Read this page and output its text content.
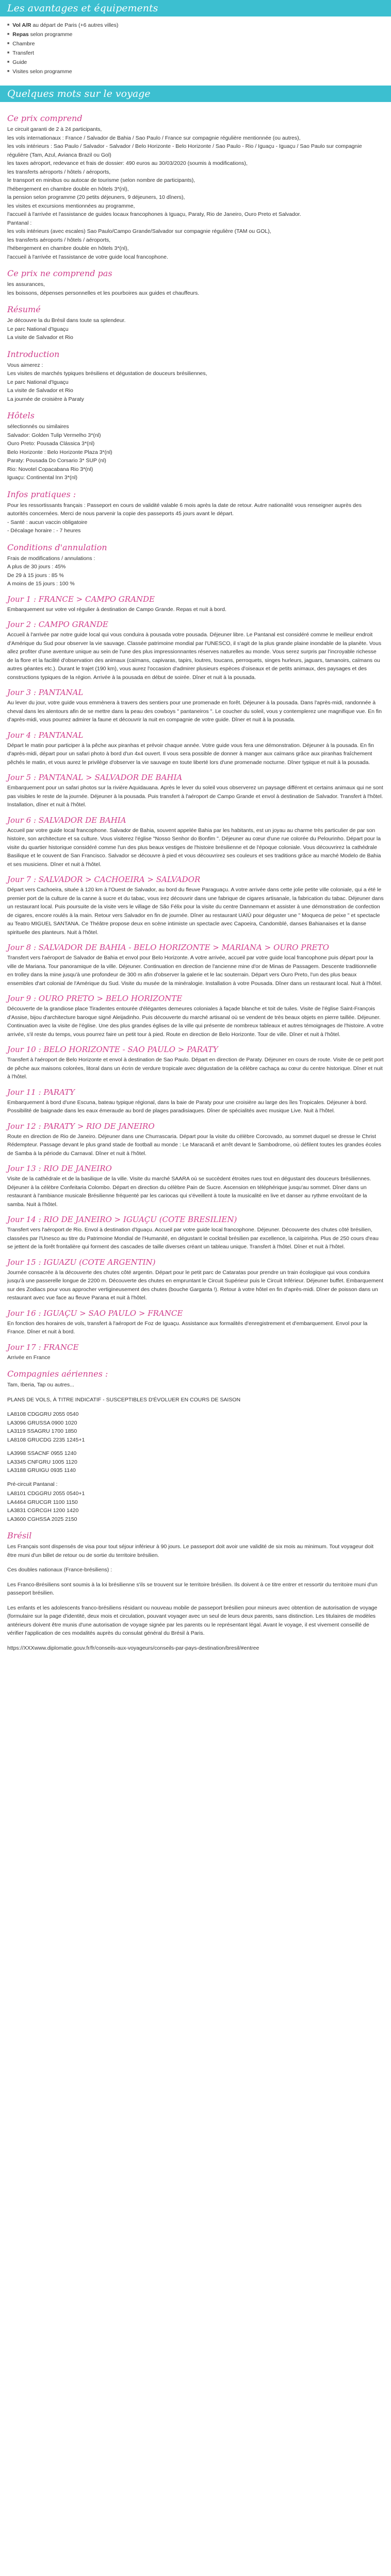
Les avantages et équipements
■ Vol A/R au départ de Paris (+6 autres villes)
■ Repas selon programme
■ Chambre
■ Transfert
■ Guide
■ Visites selon programme
Quelques mots sur le voyage
Ce prix comprend

Le circuit garanti de 2 à 24 participants,

les vols internationaux : France / Salvador de Bahia / Sao Paulo / France sur compagnie régulière mentionnée (ou autres),

les vols intérieurs : Sao Paulo / Salvador - Salvador / Belo Horizonte - Belo Horizonte / Sao Paulo - Rio / Iguaçu - Iguaçu / Sao Paulo sur compagnie régulière (Tam, Azul, Avianca Brazil ou Gol)

les taxes aéroport, redevance et frais de dossier: 490 euros au 30/03/2020 (soumis à modifications),

les transferts aéroports / hôtels / aéroports,

le transport en minibus ou autocar de tourisme (selon nombre de participants),

l'hébergement en chambre double en hôtels 3*(nl),

la pension selon programme (20 petits déjeuners, 9 déjeuners, 10 dîners),

les visites et excursions mentionnées au programme,

l'accueil à l'arrivée et l'assistance de guides locaux francophones à Iguaçu, Paraty, Rio de Janeiro, Ouro Preto et Salvador.

Pantanal :

les vols intérieurs (avec escales) Sao Paulo/Campo Grande/Salvador sur compagnie régulière (TAM ou GOL),

les transferts aéroports / hôtels / aéroports,

l'hébergement en chambre double en hôtels 3*(nl),

l'accueil à l'arrivée et l'assistance de votre guide local francophone.

Ce prix ne comprend pas

les assurances,

les boissons, dépenses personnelles et les pourboires aux guides et chauffeurs.

Résumé

Je découvre la du Brésil dans toute sa splendeur.

Le parc National d'Iguaçu

La visite de Salvador et Rio

Introduction

Vous aimerez :

Les visites de marchés typiques brésiliens et dégustation de douceurs brésiliennes,

Le parc National d'Iguaçu

La visite de Salvador et Rio

La journée de croisière à Paraty

Hôtels

sélectionnés ou similaires

Salvador: Golden Tulip Vermelho 3*(nl)

Ouro Preto: Pousada Clássica 3*(nl)

Belo Horizonte : Belo Horizonte Plaza 3*(nl)

Paraty: Pousada Do Corsario 3* SUP (nl)

Rio: Novotel Copacabana Rio 3*(nl)

Iguaçu: Continental Inn 3*(nl)

Infos pratiques :

Pour les ressortissants français : Passeport en cours de validité valable 6 mois après la date de retour. Autre nationalité vous renseigner auprès des autorités concernées. Merci de nous parvenir la copie des passeports 45 jours avant le départ.

- Santé : aucun vaccin obligatoire

- Décalage horaire : - 7 heures

Conditions d'annulation

Frais de modifications / annulations :

A plus de 30 jours : 45%

De 29 à 15 jours : 85 %

A moins de 15 jours : 100 %

Jour 1 : FRANCE > CAMPO GRANDE

Embarquement sur votre vol régulier à destination de Campo Grande. Repas et nuit à bord.

Jour 2 : CAMPO GRANDE

Accueil à l'arrivée par notre guide local qui vous conduira à pousada votre pousada. Déjeuner libre. Le Pantanal est considéré comme le meilleur endroit d'Amérique du Sud pour observer la vie sauvage. Classée patrimoine mondial par l'UNESCO, il s'agit de la plus grande plaine inondable de la planète. Vous allez profiter d'une aventure unique au sein de l'une des plus impressionnantes réserves naturelles au monde. Vous serez surpris par l'incroyable richesse de la flore et la facilité d'observation des animaux (caïmans, capivaras, tapirs, loutres, toucans, perroquets, singes hurleurs, jaguars, tamanoirs, caïmans ou autres géantes etc.). Durant le trajet (190 km), vous aurez l'occasion d'admirer plusieurs espèces d'oiseaux et de petits animaux, des paysages et des constructions typiques de la région. Arrivée à la pousada en début de soirée. Dîner et nuit à la pousada.

Jour 3 : PANTANAL

Au lever du jour, votre guide vous emmènera à travers des sentiers pour une promenade en forêt. Déjeuner à la pousada. Dans l'après-midi, randonnée à cheval dans les alentours afin de se mettre dans la peau des cowboys " pantaneiros ". Le coucher du soleil, vous y contemplerez une magnifique vue. En fin d'après-midi, vous pourrez admirer la faune et découvrir la nuit en compagnie de votre guide. Dîner et nuit à la pousada.

Jour 4 : PANTANAL

Départ le matin pour participer à la pêche aux piranhas et prévoir chaque année. Votre guide vous fera une démonstration. Déjeuner à la pousada. En fin d'après-midi, départ pour un safari photo à bord d'un 4x4 ouvert. Il vous sera possible de donner à manger aux caïmans grâce aux piranhas fraîchement pêchés le matin, et vous aurez le privilège d'observer la vie sauvage en toute liberté lors d'une promenade nocturne. Dîner typique et nuit à la pousada.

Jour 5 : PANTANAL > SALVADOR DE BAHIA

Embarquement pour un safari photos sur la rivière Aquidauana. Après le lever du soleil vous observerez un paysage différent et certains animaux qui ne sont pas visibles le reste de la journée. Déjeuner à la pousada. Puis transfert à l'aéroport de Campo Grande et envol à destination de Salvador. Transfert à l'hôtel. Installation, dîner et nuit à l'hôtel.

Jour 6 : SALVADOR DE BAHIA

Accueil par votre guide local francophone. Salvador de Bahia, souvent appelée Bahia par les habitants, est un joyau au charme très particulier de par son histoire, son architecture et sa culture. Vous visiterez l'église "Nosso Senhor do Bonfim ". Déjeuner au cœur d'une rue colorée du Pelourinho. Départ pour la visite du quartier historique considéré comme l'un des plus beaux vestiges de l'histoire brésilienne et de l'époque coloniale. Vous découvrirez la cathédrale Basilique et le couvent de San Francisco. Salvador se découvre à pied et vous découvrirez ses couleurs et ses traditions grâce au marché Modelo de Bahia et ses musiciens. Dîner et nuit à l'hôtel.

Jour 7 : SALVADOR > CACHOEIRA > SALVADOR

Départ vers Cachoeira, située à 120 km à l'Ouest de Salvador, au bord du fleuve Paraguaçu. A votre arrivée dans cette jolie petite ville coloniale, qui a été le premier port de la culture de la canne à sucre et du tabac, vous irez découvrir dans une fabrique de cigares artisanale, la fabrication du tabac. Déjeuner dans un restaurant local. Puis poursuite de la visite vers le village de São Félix pour la visite du centre Dannemann et assister à une démonstration de confection de cigares, encore roulés à la main. Retour vers Salvador en fin de journée. Dîner au restaurant UAIÚ pour déguster une " Moqueca de peixe " et spectacle au Teatro MIGUEL SANTANA. Ce Théâtre propose deux en scène intimiste un spectacle avec Capoeira, Candomblé, danses Bahianaises et la danse spirituelle des planteurs. Nuit à l'hôtel.

Jour 8 : SALVADOR DE BAHIA - BELO HORIZONTE > MARIANA > OURO PRETO

Transfert vers l'aéroport de Salvador de Bahia et envol pour Belo Horizonte. A votre arrivée, accueil par votre guide local francophone puis départ pour la ville de Mariana. Tour panoramique de la ville. Déjeuner. Continuation en direction de l'ancienne mine d'or de Minas de Passagem. Descente traditionnelle en trolley dans la mine jusqu'à une profondeur de 300 m afin d'observer la galerie et le lac souterrain. Départ vers Ouro Preto, l'un des plus beaux ensembles d'art colonial de l'Amérique du Sud. Visite du musée de la minéralogie. Installation à votre Pousada. Dîner dans un restaurant local. Nuit à l'hôtel.

Jour 9 : OURO PRETO > BELO HORIZONTE

Découverte de la grandiose place Tiradentes entourée d'élégantes demeures coloniales à façade blanche et toit de tuiles. Visite de l'église Saint-François d'Assise, bijou d'architecture baroque signé Aleijadinho. Puis découverte du marché artisanal où se vendent de très beaux objets en pierre taillée. Déjeuner. Continuation avec la visite de l'église. Une des plus grandes églises de la ville qui présente de nombreux tableaux et autres témoignages de l'histoire. A votre arrivée, s'il reste du temps, vous pourrez faire un petit tour à pied. Route en direction de Belo Horizonte. Tour de ville. Dîner et nuit à l'hôtel.

Jour 10 : BELO HORIZONTE - SAO PAULO > PARATY

Transfert à l'aéroport de Belo Horizonte et envol à destination de Sao Paulo. Départ en direction de Paraty. Déjeuner en cours de route. Visite de ce petit port de pêche aux maisons colorées, litoral dans un écrin de verdure tropicale avec dégustation de la célèbre cachaça au cœur du centre historique. Dîner et nuit à l'hôtel.

Jour 11 : PARATY

Embarquement à bord d'une Escuna, bateau typique régional, dans la baie de Paraty pour une croisière au large des îles Tropicales. Déjeuner à bord. Possibilité de baignade dans les eaux émeraude au bord de plages paradisiaques. Dîner de spécialités avec musique Live. Nuit à l'hôtel.

Jour 12 : PARATY > RIO DE JANEIRO

Route en direction de Rio de Janeiro. Déjeuner dans une Churrascaria. Départ pour la visite du célèbre Corcovado, au sommet duquel se dresse le Christ Rédempteur. Passage devant le plus grand stade de football au monde : Le Maracanã et arrêt devant le Sambodrome, où défilent toutes les grandes écoles de Samba à la période du Carnaval. Dîner et nuit à l'hôtel.

Jour 13 : RIO DE JANEIRO

Visite de la cathédrale et de la basilique de la ville. Visite du marché SAARA où se succèdent étroites rues tout en dégustant des douceurs brésiliennes. Déjeuner à la célèbre Confeitaria Colombo. Départ en direction du célèbre Pain de Sucre. Ascension en téléphérique jusqu'au sommet. Dîner dans un restaurant à l'ambiance musicale Brésilienne fréquenté par les cariocas qui s'éveillent à toute la musicalité en live et danser au rythme envoûtant de la samba. Nuit à l'hôtel.

Jour 14 : RIO DE JANEIRO > IGUAÇU (COTE BRESILIEN)

Transfert vers l'aéroport de Rio. Envol à destination d'Iguaçu. Accueil par votre guide local francophone. Déjeuner. Découverte des chutes côté brésilien, classées par l'Unesco au titre du Patrimoine Mondial de l'Humanité, en dégustant le cocktail brésilien par excellence, la caïpirinha. Plus de 250 cours d'eau se jettent de la forêt frontalière qui forment des cascades de taille diverses créant un tableau unique. Transfert à l'hôtel. Dîner et nuit à l'hôtel.

Jour 15 : IGUAZU (COTE ARGENTIN)

Journée consacrée à la découverte des chutes côté argentin. Départ pour le petit parc de Cataratas pour prendre un train écologique qui vous conduira jusqu'à une passerelle longue de 2200 m. Découverte des chutes en empruntant le Circuit Supérieur puis le Circuit Inférieur. Déjeuner buffet. Embarquement sur des Zodiacs pour vous approcher vertigineusement des chutes (bouche Garganta !). Retour à votre hôtel en fin d'après-midi. Dîner de poisson dans un restaurant avec vue face au fleuve Parana et nuit à l'hôtel.

Jour 16 : IGUAÇU > SAO PAULO > FRANCE

En fonction des horaires de vols, transfert à l'aéroport de Foz de Iguaçu. Assistance aux formalités d'enregistrement et d'embarquement. Envol pour la France. Dîner et nuit à bord.

Jour 17 : FRANCE

Arrivée en France

Compagnies aériennes :

Tam, Iberia, Tap ou autres...

PLANS DE VOLS, À TITRE INDICATIF - SUSCEPTIBLES D'ÉVOLUER EN COURS DE SAISON

LA8108 CDGGRU 2055 0540

LA3096 GRUSSA 0900 1020

LA3119 SSAGRU 1700 1850

LA8108 GRUCDG 2235 1245+1

LA3998 SSACNF 0955 1240

LA3345 CNFGRU 1005 1120

LA3188 GRUIGU 0935 1140

Pré-circuit Pantanal :

LA8101 CDGGRU 2055 0540+1

LA4464 GRUCGR 1100 1150

LA3831 CGRCGH 1200 1420

LA3600 CGHSSA 2025 2150

Brésil

Les Français sont dispensés de visa pour tout séjour inférieur à 90 jours. Le passeport doit avoir une validité de six mois au minimum. Tout voyageur doit être muni d'un billet de retour ou de sortie du territoire brésilien.

Ces doubles nationaux (France-brésiliens) :

Les Franco-Brésiliens sont soumis à la loi brésilienne s'ils se trouvent sur le territoire brésilien. Ils doivent à ce titre entrer et ressortir du territoire muni d'un passeport brésilien.

Les enfants et les adolescents franco-brésiliens résidant ou nouveau mobile de passeport brésilien pour mineurs avec obtention de autorisation de voyage (formulaire sur la page d'identité, deux mois et circulation, pouvant voyager avec un seul de leurs deux parents, sans distinction. Les titulaires de modèles antérieurs doivent être munis d'une autorisation de voyage signée par les parents ou le représentant légal. Avant le voyage, il est vivement conseillé de vérifier l'application de ces modalités auprès du consulat général du Brésil à Paris.

https://XXXwww.diplomatie.gouv.fr/fr/conseils-aux-voyageurs/conseils-par-pays-destination/bresil/#entree
